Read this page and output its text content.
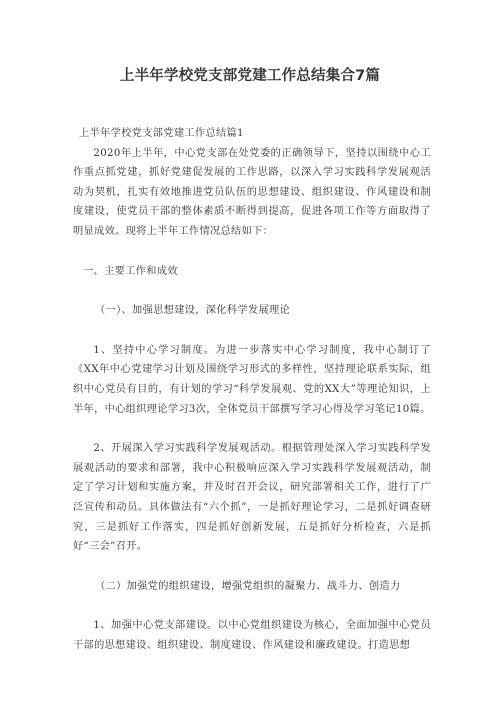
上半年学校党支部党建工作总结集合7篇

上半年学校党支部党建工作总结篇1

2020年上半年，中心党支部在处党委的正确领导下，坚持以围绕中心工作重点抓党建，抓好党建促发展的工作思路，以深入学习实践科学发展观活动为契机，扎实有效地推进党员队伍的思想建设、组织建设、作风建设和制度建设，使党员干部的整体素质不断得到提高，促进各项工作等方面取得了明显成效。现将上半年工作情况总结如下：

一、主要工作和成效

（一）、加强思想建设，深化科学发展理论

1、坚持中心学习制度。为进一步落实中心学习制度，我中心制订了《XX年中心党建学习计划及围绕学习形式的多样性，坚持理论联系实际，组织中心党员有目的，有计划的学习“科学发展观、党的XX大”等理论知识，上半年，中心组织理论学习3次，全体党员干部撰写学习心得及学习笔记10篇。

2、开展深入学习实践科学发展观活动。根据管理处深入学习实践科学发展观活动的要求和部署，我中心积极响应深入学习实践科学发展观活动，制定了学习计划和实施方案，并及时召开会议，研究部署相关工作，进行了广泛宣传和动员。具体做法有“六个抓”，一是抓好理论学习，二是抓好调查研究，三是抓好工作落实，四是抓好创新发展，五是抓好分析检查，六是抓好“三会”召开。

（二）加强党的组织建设，增强党组织的凝聚力、战斗力、创造力

1、加强中心党支部建设。以中心党组织建设为核心，全面加强中心党员干部的思想建设、组织建设、制度建设、作风建设和廉政建设。打造思想
